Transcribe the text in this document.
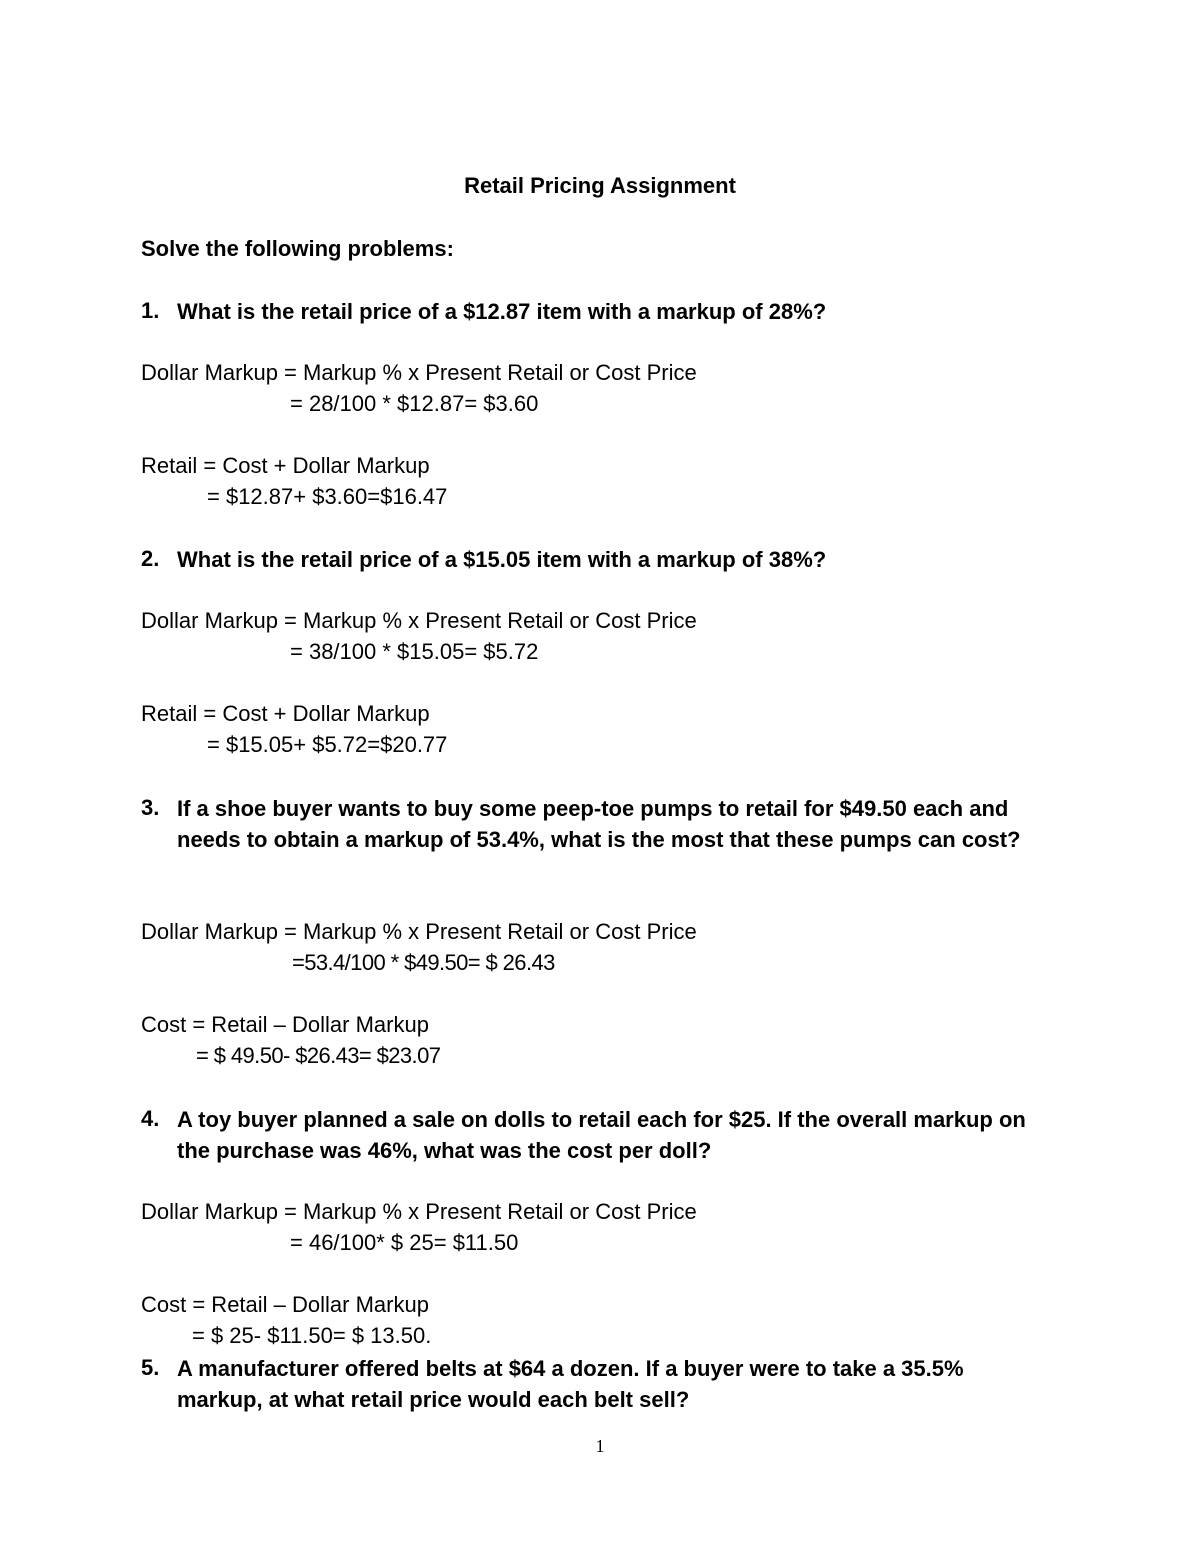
Retail Pricing Assignment
Solve the following problems:
1. What is the retail price of a $12.87 item with a markup of 28%?
Dollar Markup = Markup % x Present Retail or Cost Price
= 28/100 * $12.87= $3.60
Retail = Cost + Dollar Markup
= $12.87+ $3.60=$16.47
2. What is the retail price of a $15.05 item with a markup of 38%?
Dollar Markup = Markup % x Present Retail or Cost Price
= 38/100 * $15.05= $5.72
Retail = Cost + Dollar Markup
= $15.05+ $5.72=$20.77
3. If a shoe buyer wants to buy some peep-toe pumps to retail for $49.50 each and needs to obtain a markup of 53.4%, what is the most that these pumps can cost?
Dollar Markup = Markup % x Present Retail or Cost Price
=53.4/100 * $49.50= $ 26.43
Cost = Retail – Dollar Markup
= $ 49.50- $26.43= $23.07
4. A toy buyer planned a sale on dolls to retail each for $25. If the overall markup on the purchase was 46%, what was the cost per doll?
Dollar Markup = Markup % x Present Retail or Cost Price
= 46/100* $ 25= $11.50
Cost = Retail – Dollar Markup
= $ 25- $11.50= $ 13.50.
5. A manufacturer offered belts at $64 a dozen. If a buyer were to take a 35.5% markup, at what retail price would each belt sell?
1
